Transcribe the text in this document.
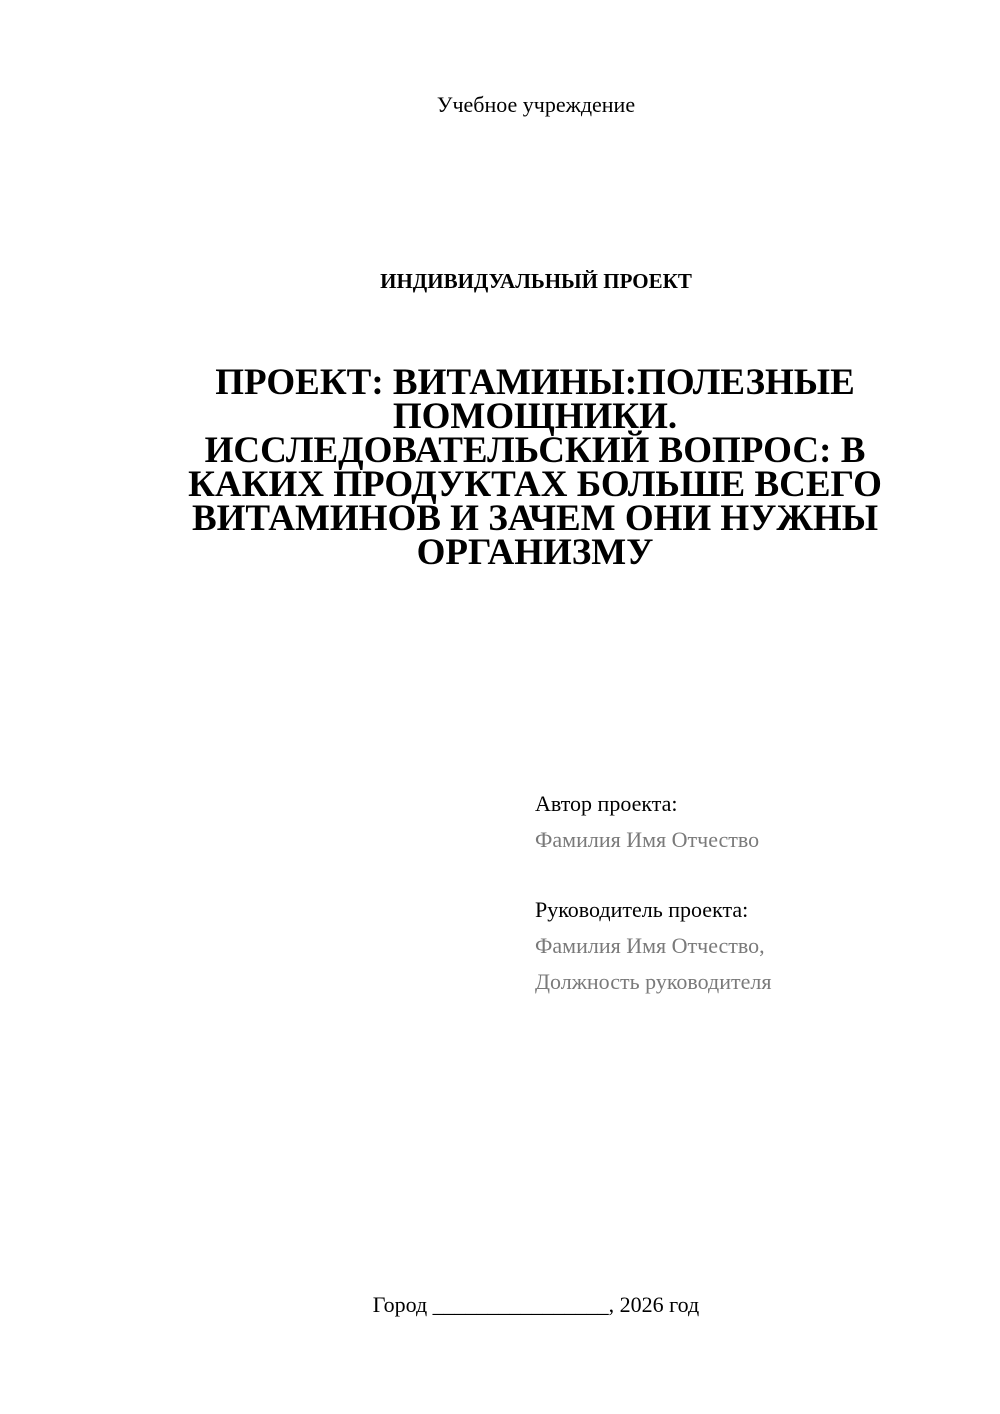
Учебное учреждение
ИНДИВИДУАЛЬНЫЙ ПРОЕКТ
ПРОЕКТ: ВИТАМИНЫ:ПОЛЕЗНЫЕ
ПОМОЩНИКИ.
ИССЛЕДОВАТЕЛЬСКИЙ ВОПРОС: В
КАКИХ ПРОДУКТАХ БОЛЬШЕ ВСЕГО
ВИТАМИНОВ И ЗАЧЕМ ОНИ НУЖНЫ
ОРГАНИЗМУ
Автор проекта:
Фамилия Имя Отчество
Руководитель проекта:
Фамилия Имя Отчество,
Должность руководителя
Город ________________, 2026 год
